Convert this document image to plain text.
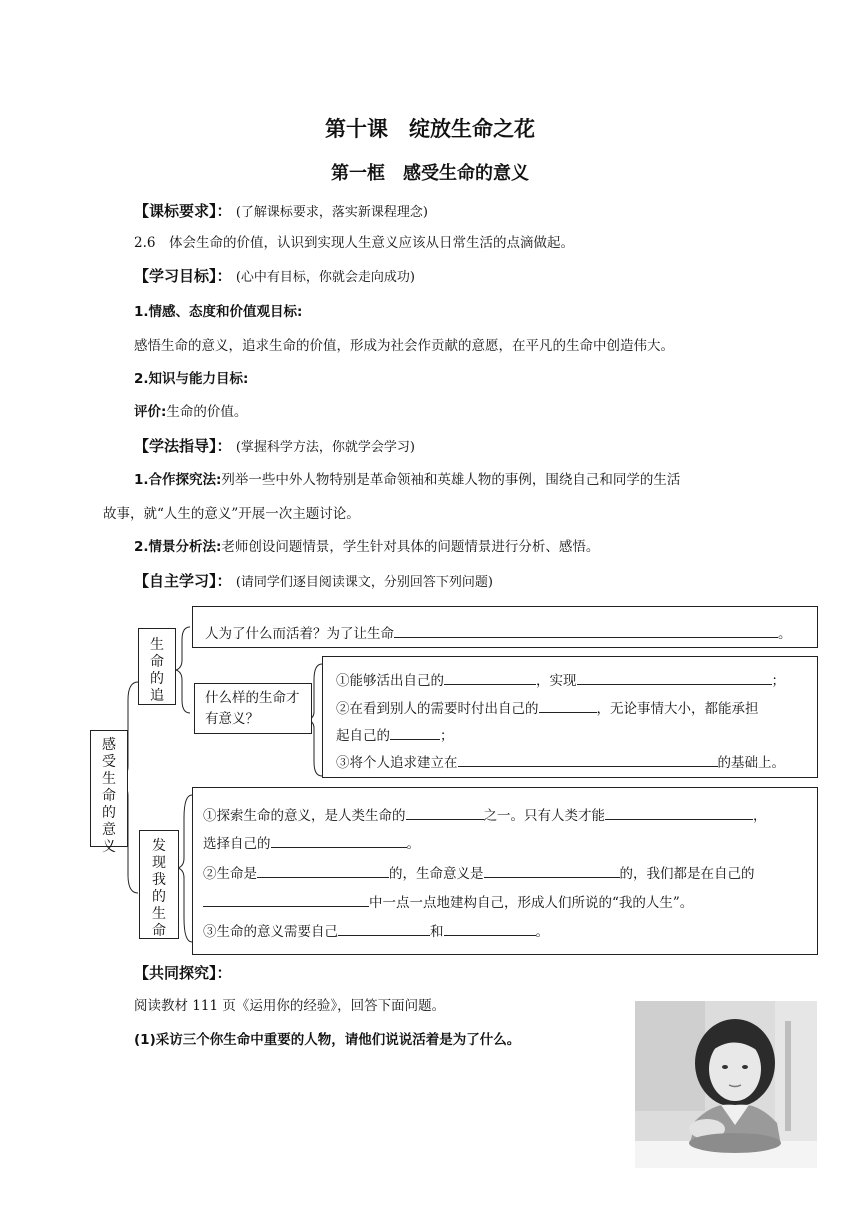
第十课　绽放生命之花
第一框　感受生命的意义
【课标要求】： (了解课标要求，落实新课程理念)
2.6　体会生命的价值，认识到实现人生意义应该从日常生活的点滴做起。
【学习目标】： (心中有目标，你就会走向成功)
1.情感、态度和价值观目标:
感悟生命的意义，追求生命的价值，形成为社会作贡献的意愿，在平凡的生命中创造伟大。
2.知识与能力目标:
评价:生命的价值。
【学法指导】： (掌握科学方法，你就学会学习)
1.合作探究法:列举一些中外人物特别是革命领袖和英雄人物的事例，围绕自己和同学的生活
故事，就“人生的意义”开展一次主题讨论。
2.情景分析法:老师创设问题情景，学生针对具体的问题情景进行分析、感悟。
【自主学习】： (请同学们逐目阅读课文，分别回答下列问题)
感受生命的意义
生命的追
发现我的生命
人为了什么而活着？为了让生命	。
什么样的生命才有意义？
①能够活出自己的	，实现	；
②在看到别人的需要时付出自己的	，无论事情大小，都能承担
起自己的	；
③将个人追求建立在	的基础上。
①探索生命的意义，是人类生命的	之一。只有人类才能	，
选择自己的	。
②生命是	的，生命意义是	的，我们都是在自己的
中一点一点地建构自己，形成人们所说的“我的人生”。
③生命的意义需要自己	和	。
【共同探究】：
阅读教材 111 页《运用你的经验》，回答下面问题。
(1)采访三个你生命中重要的人物，请他们说说活着是为了什么。
